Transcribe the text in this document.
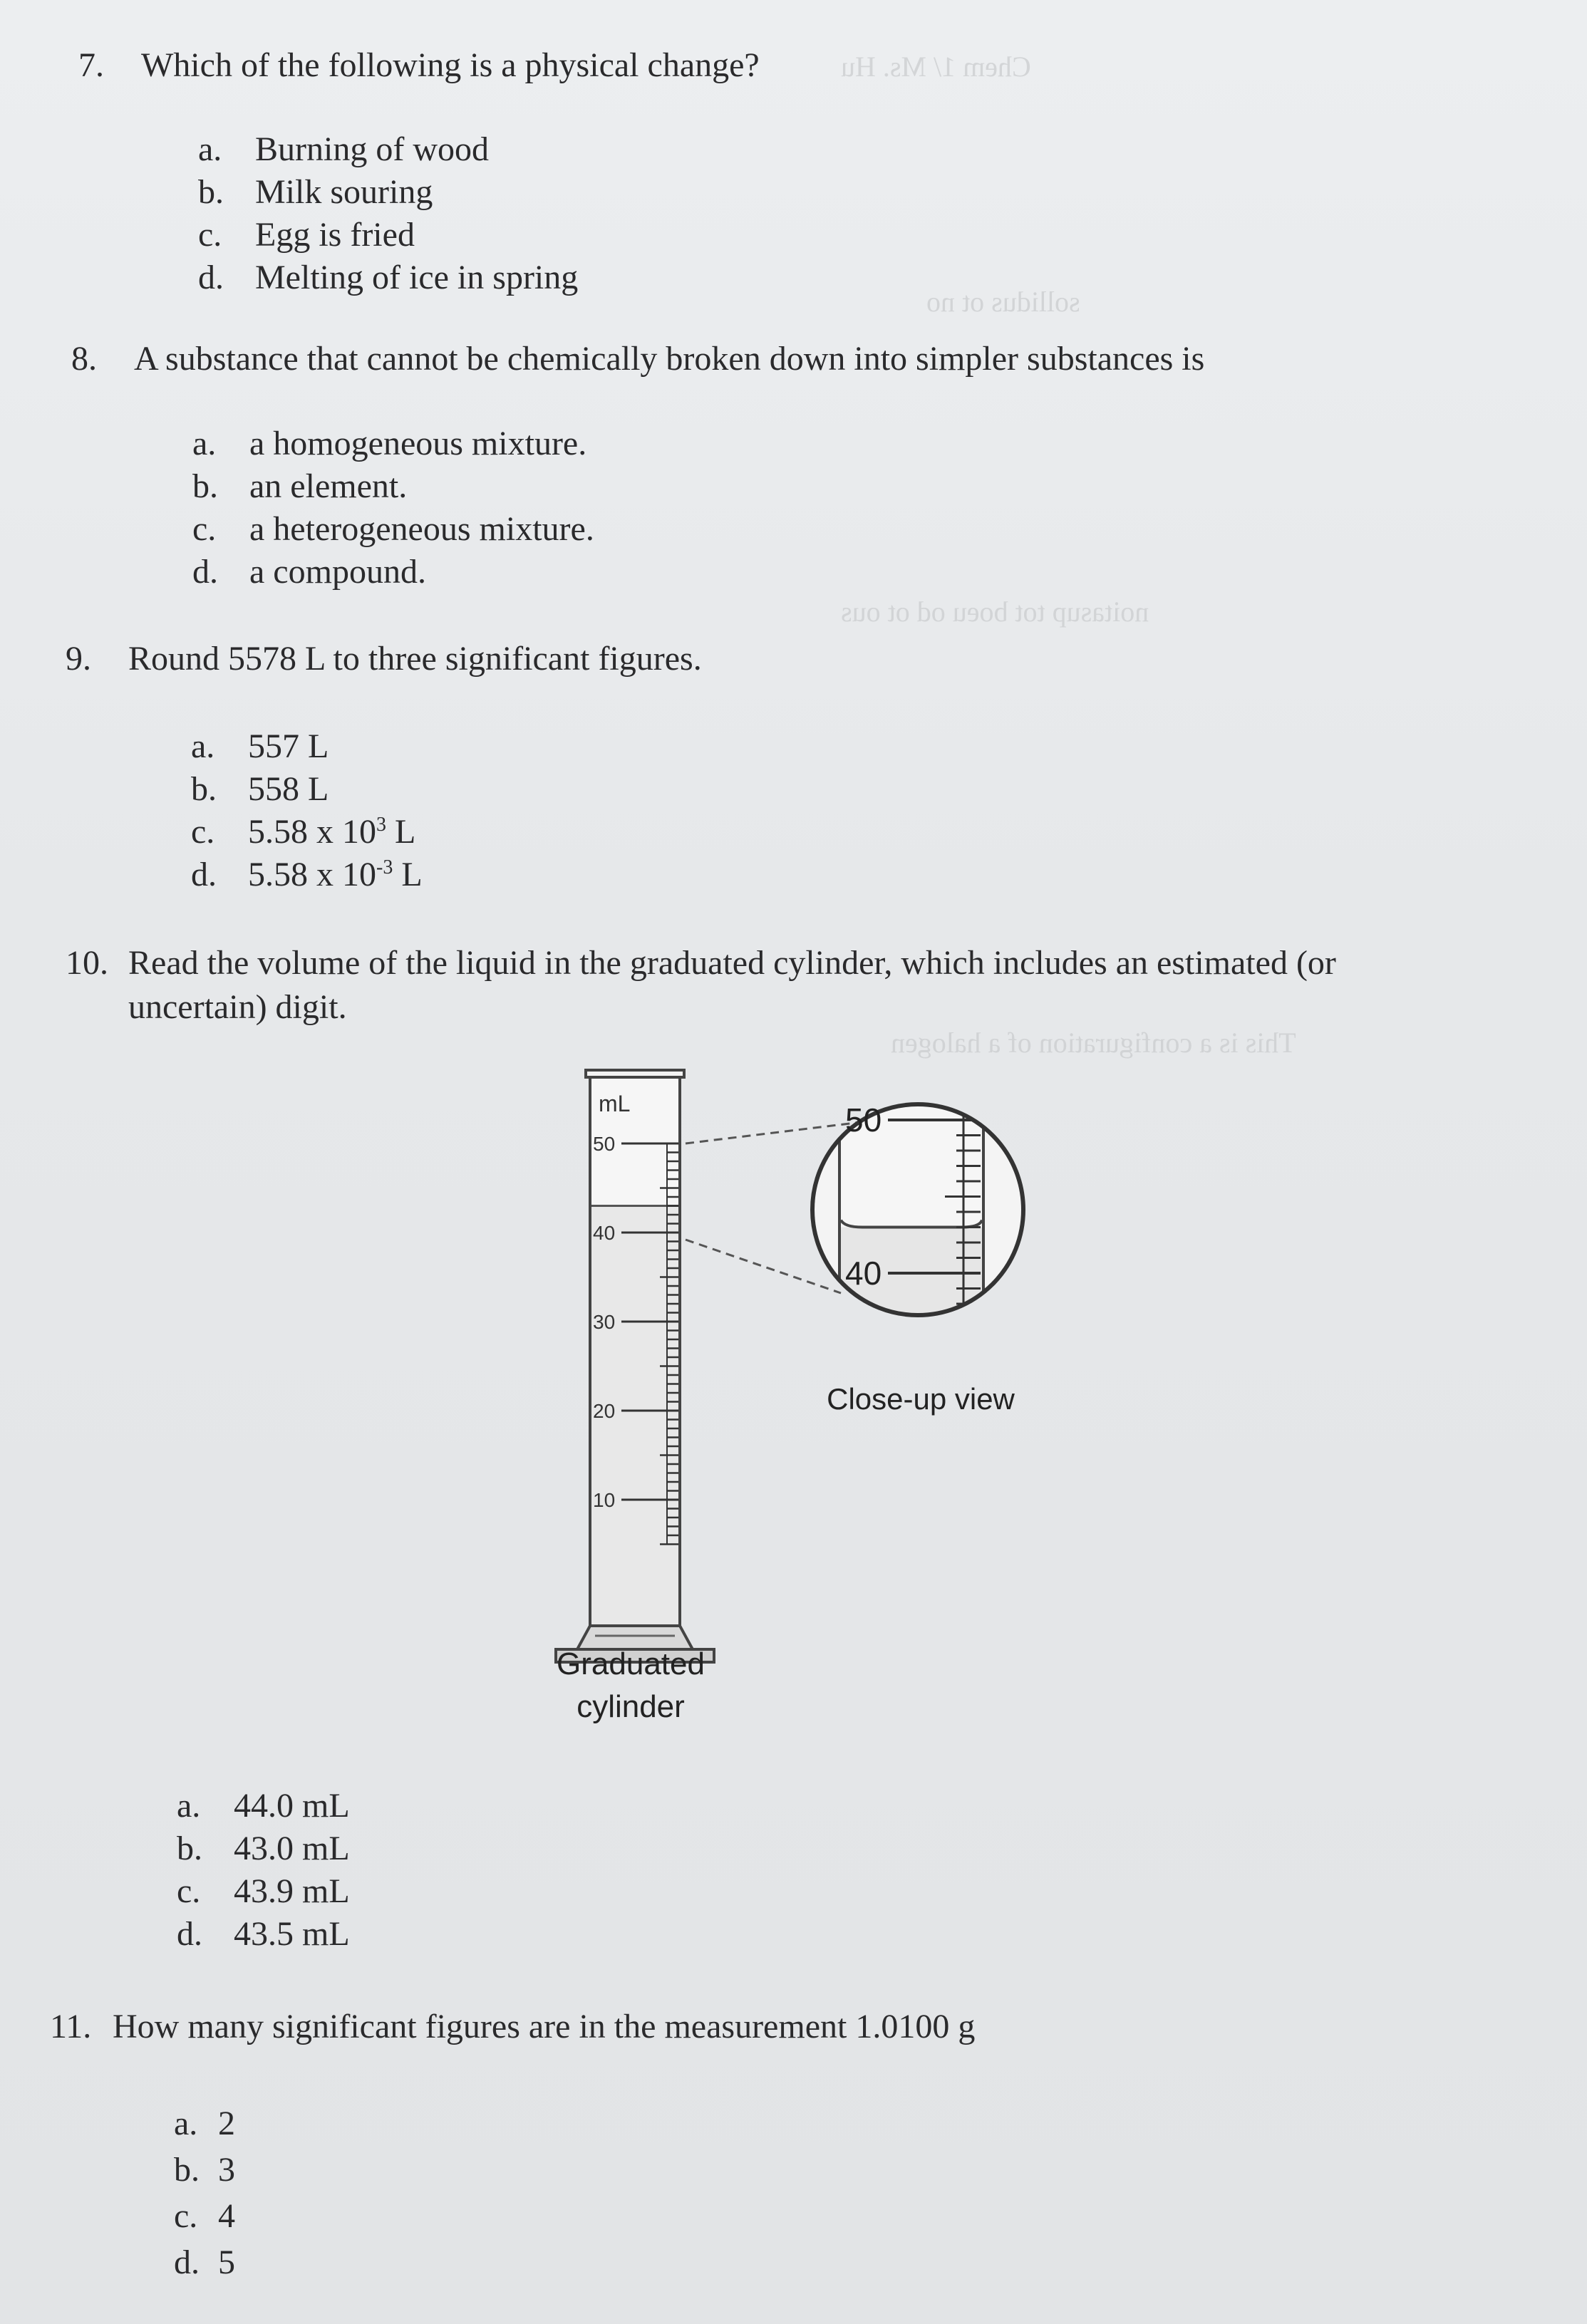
Chem 1/ Ms. Hu
sollidus ot no
noitasup tot boeu od ot ous
This is a configuration of a halogen
7. Which of the following is a physical change?
a. Burning of wood
b. Milk souring
c. Egg is fried
d. Melting of ice in spring
8. A substance that cannot be chemically broken down into simpler substances is
a. a homogeneous mixture.
b. an element.
c. a heterogeneous mixture.
d. a compound.
9. Round 5578 L to three significant figures.
a. 557 L
b. 558 L
c. 5.58 x $10^3$ L
d. 5.58 x $10^{-3}$ L
10. Read the volume of the liquid in the graduated cylinder, which includes an estimated (or
uncertain) digit.
mL
50
40
30
20
10
50
40
Close-up view
Graduated
cylinder
a. 44.0 mL
b. 43.0 mL
c. 43.9 mL
d. 43.5 mL
11. How many significant figures are in the measurement 1.0100 g
a. 2
b. 3
c. 4
d. 5
